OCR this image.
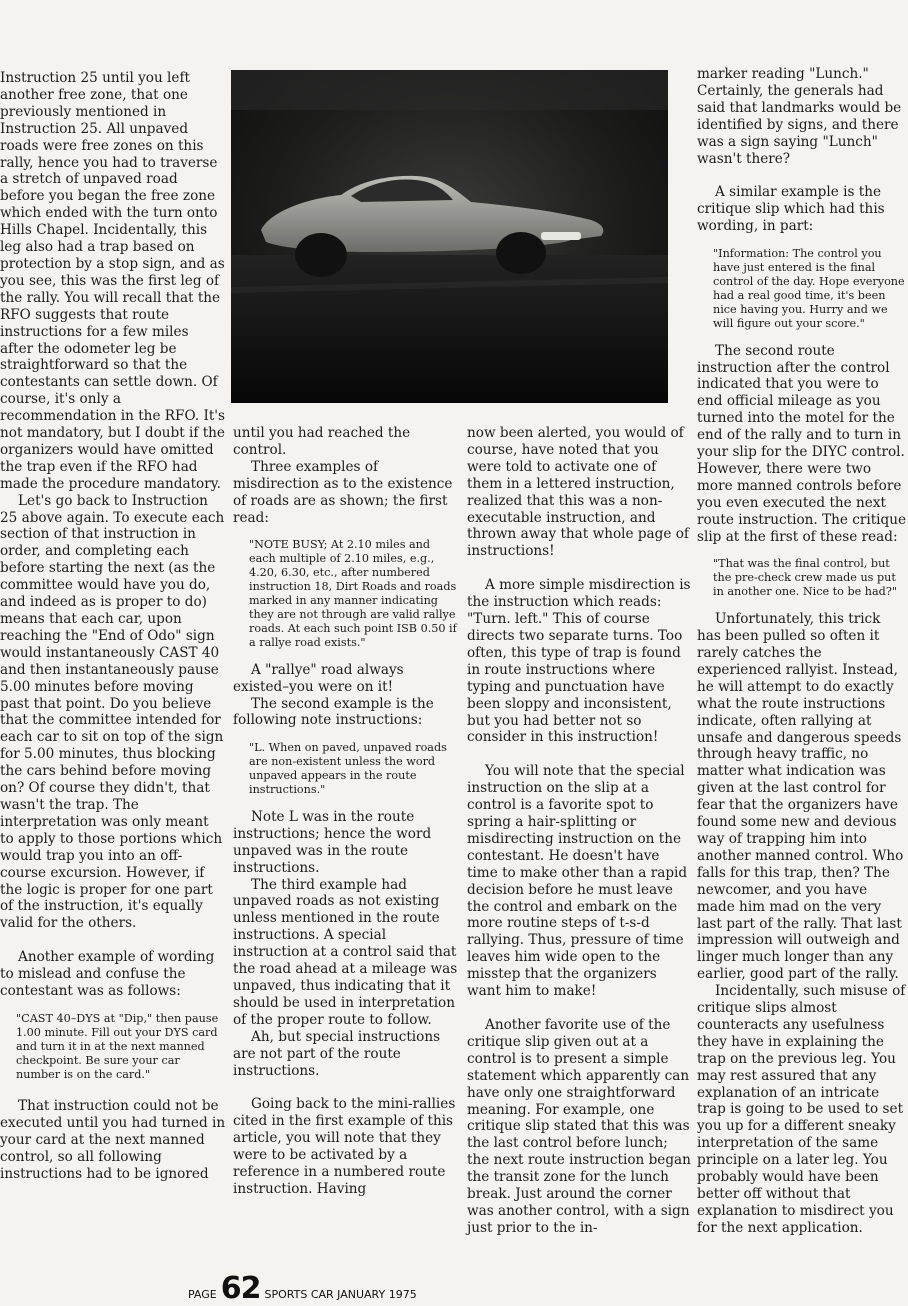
Instruction 25 until you left another free zone, that one previously mentioned in Instruction 25. All unpaved roads were free zones on this rally, hence you had to traverse a stretch of unpaved road before you began the free zone which ended with the turn onto Hills Chapel. Incidentally, this leg also had a trap based on protection by a stop sign, and as you see, this was the first leg of the rally. You will recall that the RFO suggests that route instructions for a few miles after the odometer leg be straightforward so that the contestants can settle down. Of course, it's only a recommendation in the RFO. It's not mandatory, but I doubt if the organizers would have omitted the trap even if the RFO had made the procedure mandatory.

Let's go back to Instruction 25 above again. To execute each section of that instruction in order, and completing each before starting the next (as the committee would have you do, and indeed as is proper to do) means that each car, upon reaching the "End of Odo" sign would instantaneously CAST 40 and then instantaneously pause 5.00 minutes before moving past that point. Do you believe that the committee intended for each car to sit on top of the sign for 5.00 minutes, thus blocking the cars behind before moving on? Of course they didn't, that wasn't the trap. The interpretation was only meant to apply to those portions which would trap you into an off-course excursion. However, if the logic is proper for one part of the instruction, it's equally valid for the others.

Another example of wording to mislead and confuse the contestant was as follows:

"CAST 40–DYS at "Dip," then pause 1.00 minute. Fill out your DYS card and turn it in at the next manned checkpoint. Be sure your car number is on the card."

That instruction could not be executed until you had turned in your card at the next manned control, so all following instructions had to be ignored

until you had reached the control.

Three examples of misdirection as to the existence of roads are as shown; the first read:

"NOTE BUSY; At 2.10 miles and each multiple of 2.10 miles, e.g., 4.20, 6.30, etc., after numbered instruction 18, Dirt Roads and roads marked in any manner indicating they are not through are valid rallye roads. At each such point ISB 0.50 if a rallye road exists."

A "rallye" road always existed–you were on it!

The second example is the following note instructions:

"L. When on paved, unpaved roads are non-existent unless the word unpaved appears in the route instructions."

Note L was in the route instructions; hence the word unpaved was in the route instructions.

The third example had unpaved roads as not existing unless mentioned in the route instructions. A special instruction at a control said that the road ahead at a mileage was unpaved, thus indicating that it should be used in interpretation of the proper route to follow.

Ah, but special instructions are not part of the route instructions.

Going back to the mini-rallies cited in the first example of this article, you will note that they were to be activated by a reference in a numbered route instruction. Having

now been alerted, you would of course, have noted that you were told to activate one of them in a lettered instruction, realized that this was a non-executable instruction, and thrown away that whole page of instructions!

A more simple misdirection is the instruction which reads: "Turn. left." This of course directs two separate turns. Too often, this type of trap is found in route instructions where typing and punctuation have been sloppy and inconsistent, but you had better not so consider in this instruction!

You will note that the special instruction on the slip at a control is a favorite spot to spring a hair-splitting or misdirecting instruction on the contestant. He doesn't have time to make other than a rapid decision before he must leave the control and embark on the more routine steps of t-s-d rallying. Thus, pressure of time leaves him wide open to the misstep that the organizers want him to make!

Another favorite use of the critique slip given out at a control is to present a simple statement which apparently can have only one straightforward meaning. For example, one critique slip stated that this was the last control before lunch; the next route instruction began the transit zone for the lunch break. Just around the corner was another control, with a sign just prior to the in-

marker reading "Lunch." Certainly, the generals had said that landmarks would be identified by signs, and there was a sign saying "Lunch" wasn't there?

A similar example is the critique slip which had this wording, in part:

"Information: The control you have just entered is the final control of the day. Hope everyone had a real good time, it's been nice having you. Hurry and we will figure out your score."

The second route instruction after the control indicated that you were to end official mileage as you turned into the motel for the end of the rally and to turn in your slip for the DIYC control. However, there were two more manned controls before you even executed the next route instruction. The critique slip at the first of these read:

"That was the final control, but the pre-check crew made us put in another one. Nice to be had?"

Unfortunately, this trick has been pulled so often it rarely catches the experienced rallyist. Instead, he will attempt to do exactly what the route instructions indicate, often rallying at unsafe and dangerous speeds through heavy traffic, no matter what indication was given at the last control for fear that the organizers have found some new and devious way of trapping him into another manned control. Who falls for this trap, then? The newcomer, and you have made him mad on the very last part of the rally. That last impression will outweigh and linger much longer than any earlier, good part of the rally.

Incidentally, such misuse of critique slips almost counteracts any usefulness they have in explaining the trap on the previous leg. You may rest assured that any explanation of an intricate trap is going to be used to set you up for a different sneaky interpretation of the same principle on a later leg. You probably would have been better off without that explanation to misdirect you for the next application.

PAGE 62 SPORTS CAR JANUARY 1975
